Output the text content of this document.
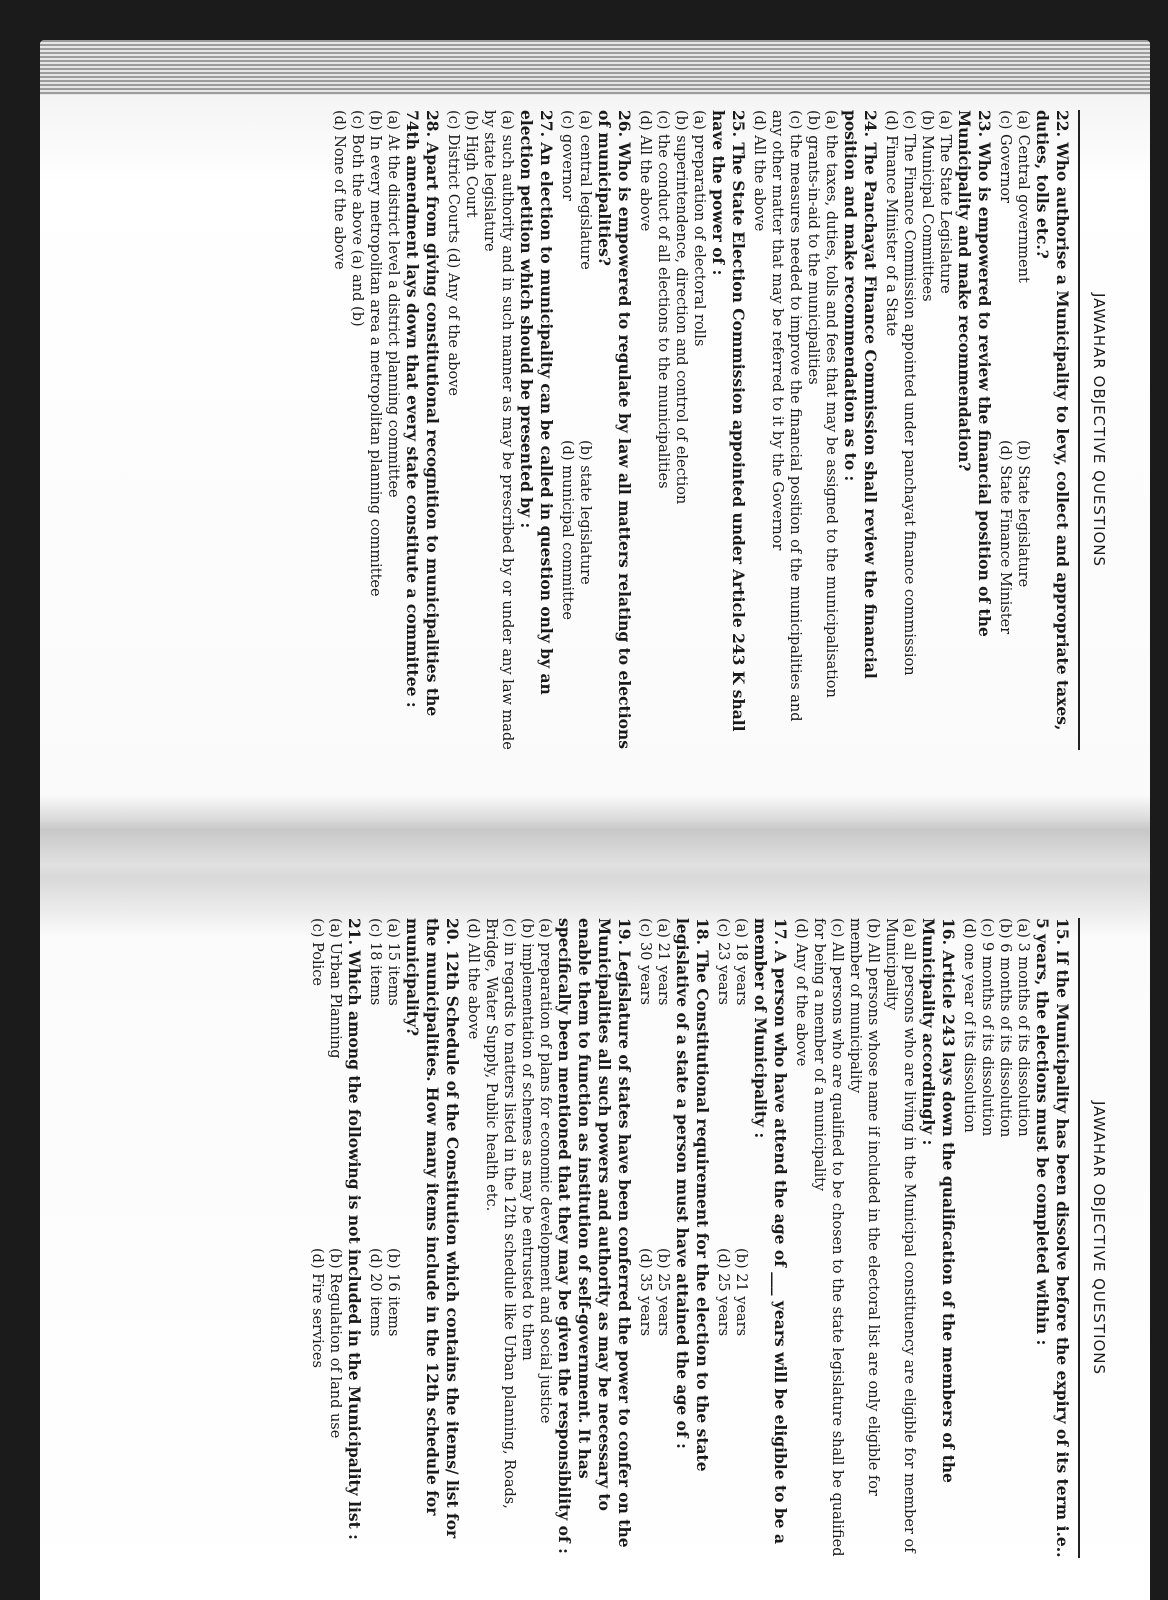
JAWAHAR OBJECTIVE QUESTIONS
15. If the Municipality has been dissolve before the expiry of its term i.e.. 5 years, the elections must be completed within :
(a) 3 months of its dissolution
(b) 6 months of its dissolution
(c) 9 months of its dissolution
(d) one year of its dissolution
16. Article 243 lays down the qualification of the members of the Municipality accordingly :
(a) all persons who are living in the Municipal constituency are eligible for member of Municipality
(b) All persons whose name if included in the electoral list are only eligible for member of municipality
(c) All persons who are qualified to be chosen to the state legislature shall be qualified for being a member of a municipality
(d) Any of the above
17. A person who have attend the age of ___ years will be eligible to be a member of Municipality :
(a) 18 years
(b) 21 years
(c) 23 years
(d) 25 years
18. The Constitutional requirement for the election to the state legislative of a state a person must have attained the age of :
(a) 21 years
(b) 25 years
(c) 30 years
(d) 35 years
19. Legislature of states have been conferred the power to confer on the Municipalities all such powers and authority as may be necessary to enable them to function as institution of self-government. It has specifically been mentioned that they may be given the responsibility of :
(a) preparation of plans for economic development and social justice
(b) implementation of schemes as may be entrusted to them
(c) in regards to matters listed in the 12th schedule like Urban planning, Roads, Bridge, Water Supply, Public health etc.
(d) All the above
20. 12th Schedule of the Constitution which contains the items/ list for the municipalities. How many items include in the 12th schedule for municipality?
(a) 15 items
(b) 16 items
(c) 18 items
(d) 20 items
21. Which among the following is not included in the Municipality list :
(a) Urban Planning
(b) Regulation of land use
(c) Police
(d) Fire services
JAWAHAR OBJECTIVE QUESTIONS
22. Who authorise a Municipality to levy, collect and appropriate taxes, duties, tolls etc.?
(a) Central government
(b) State legislature
(c) Governor
(d) State Finance Minister
23. Who is empowered to review the financial position of the Municipality and make recommendation?
(a) The State Legislature
(b) Municipal Committees
(c) The Finance Commission appointed under panchayat finance commission
(d) Finance Minister of a State
24. The Panchayat Finance Commission shall review the financial position and make recommendation as to :
(a) the taxes, duties, tolls and fees that may be assigned to the municipalisation
(b) grants-in-aid to the municipalities
(c) the measures needed to improve the financial position of the municipalities and any other matter that may be referred to it by the Governor
(d) All the above
25. The State Election Commission appointed under Article 243 K shall have the power of :
(a) preparation of electoral rolls
(b) superintendence, direction and control of election
(c) the conduct of all elections to the municipalities
(d) All the above
26. Who is empowered to regulate by law all matters relating to elections of municipalities?
(a) central legislature
(b) state legislature
(c) governor
(d) municipal committee
27. An election to municipality can be called in question only by an election petition which should be presented by :
(a) such authority and in such manner as may be prescribed by or under any law made by state legislature
(b) High Court
(c) District Courts (d) Any of the above
28. Apart from giving constitutional recognition to municipalities the 74th amendment lays down that every state constitute a committee :
(a) At the district level a district planning committee
(b) In every metropolitan area a metropolitan planning committee
(c) Both the above (a) and (b)
(d) None of the above
